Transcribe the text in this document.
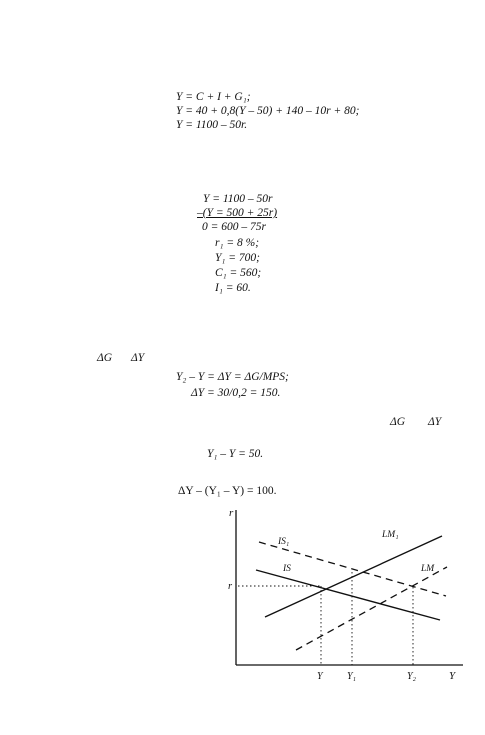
Y = C + I + G₁;
Y = 40 + 0,8(Y – 50) + 140 – 10r + 80;
Y = 1100 – 50r.
Y = 1100 – 50r
–(Y = 500 + 25r)
0 = 600 – 75r
r₁ = 8 %;
Y₁ = 700;
C₁ = 560;
I₁ = 60.
ΔG ΔY
Y₂ – Y = ΔY = ΔG/MPS;
ΔY = 30/0,2 = 150.
ΔG ΔY
Y₁ – Y = 50.
ΔY – (Y₁ – Y) = 100.
r
Y
r
IS₁
IS
LM₁
LM
Y Y₁	Y₂
